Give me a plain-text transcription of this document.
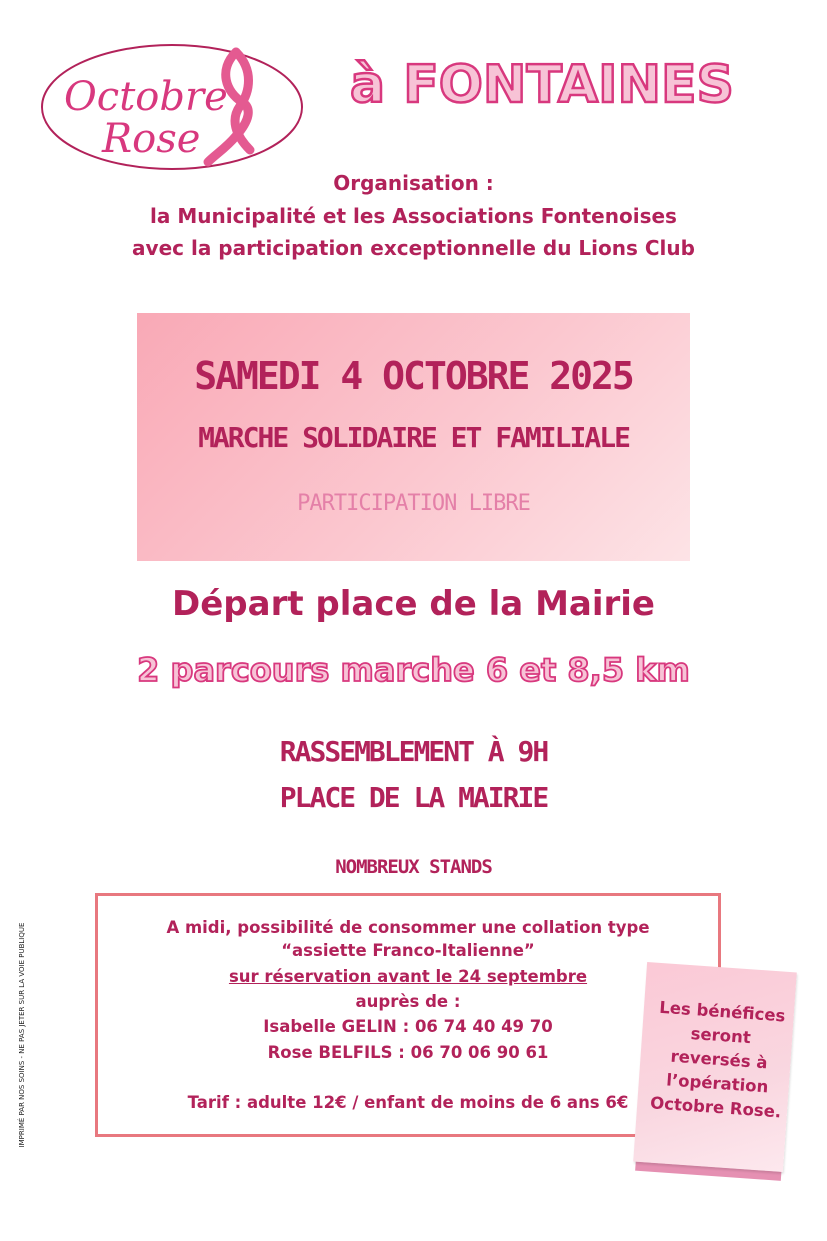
Octobre
Rose
à FONTAINES
Organisation :
la Municipalité et les Associations Fontenoises
avec la participation exceptionnelle du Lions Club
SAMEDI 4 OCTOBRE 2025
MARCHE SOLIDAIRE ET FAMILIALE
PARTICIPATION LIBRE
Départ place de la Mairie
2 parcours marche 6 et 8,5 km
RASSEMBLEMENT À 9H
PLACE DE LA MAIRIE
NOMBREUX STANDS
A midi, possibilité de consommer une collation type
“assiette Franco-Italienne”
sur réservation avant le 24 septembre
auprès de :
Isabelle GELIN : 06 74 40 49 70
Rose BELFILS : 06 70 06 90 61
Tarif : adulte 12€ / enfant de moins de 6 ans 6€
Les bénéfices
seront
reversés à
l’opération
Octobre Rose.
IMPRIMÉ PAR NOS SOINS - NE PAS JETER SUR LA VOIE PUBLIQUE
